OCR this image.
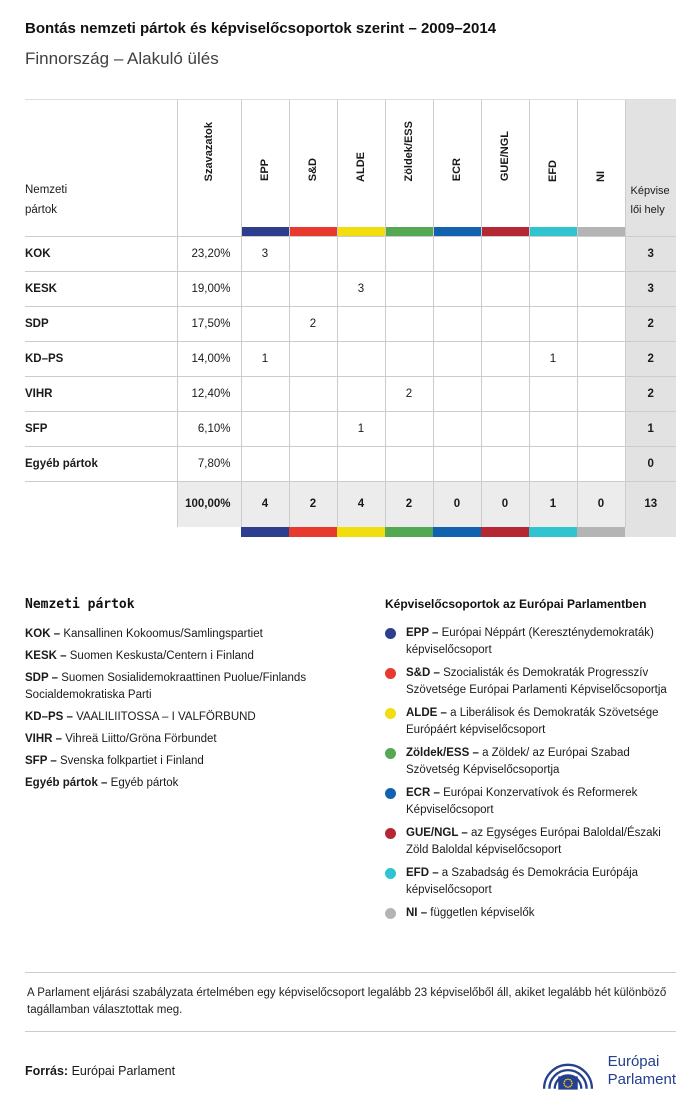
Bontás nemzeti pártok és képviselőcsoportok szerint – 2009–2014
Finnország – Alakuló ülés
Nemzeti
pártok	Szavazatok	EPP	S&D	ALDE	Zöldek/ESS	ECR	GUE/NGL	EFD	NI	Képvise
lői hely

KOK	23,20%	3								3
KESK	19,00%			3						3
SDP	17,50%		2							2
KD–PS	14,00%	1						1		2
VIHR	12,40%				2					2
SFP	6,10%			1						1
Egyéb pártok	7,80%									0
	100,00%	4	2	4	2	0	0	1	0	13

Nemzeti pártok
KOK – Kansallinen Kokoomus/Samlingspartiet
KESK – Suomen Keskusta/Centern i Finland
SDP – Suomen Sosialidemokraattinen Puolue/Finlands Socialdemokratiska Parti
KD–PS – VAALILIITOSSA – I VALFÖRBUND
VIHR – Vihreä Liitto/Gröna Förbundet
SFP – Svenska folkpartiet i Finland
Egyéb pártok – Egyéb pártok
Képviselőcsoportok az Európai Parlamentben
EPP – Európai Néppárt (Kereszténydemokraták) képviselőcsoport
S&D – Szocialisták és Demokraták Progresszív Szövetsége Európai Parlamenti Képviselőcsoportja
ALDE – a Liberálisok és Demokraták Szövetsége Európáért képviselőcsoport
Zöldek/ESS – a Zöldek/ az Európai Szabad Szövetség Képviselőcsoportja
ECR – Európai Konzervatívok és Reformerek Képviselőcsoport
GUE/NGL – az Egységes Európai Baloldal/Északi Zöld Baloldal képviselőcsoport
EFD – a Szabadság és Demokrácia Európája képviselőcsoport
NI – független képviselők
A Parlament eljárási szabályzata értelmében egy képviselőcsoport legalább 23 képviselőből áll, akiket legalább hét különböző tagállamban választottak meg.
Forrás: Európai Parlament
Európai
Parlament
